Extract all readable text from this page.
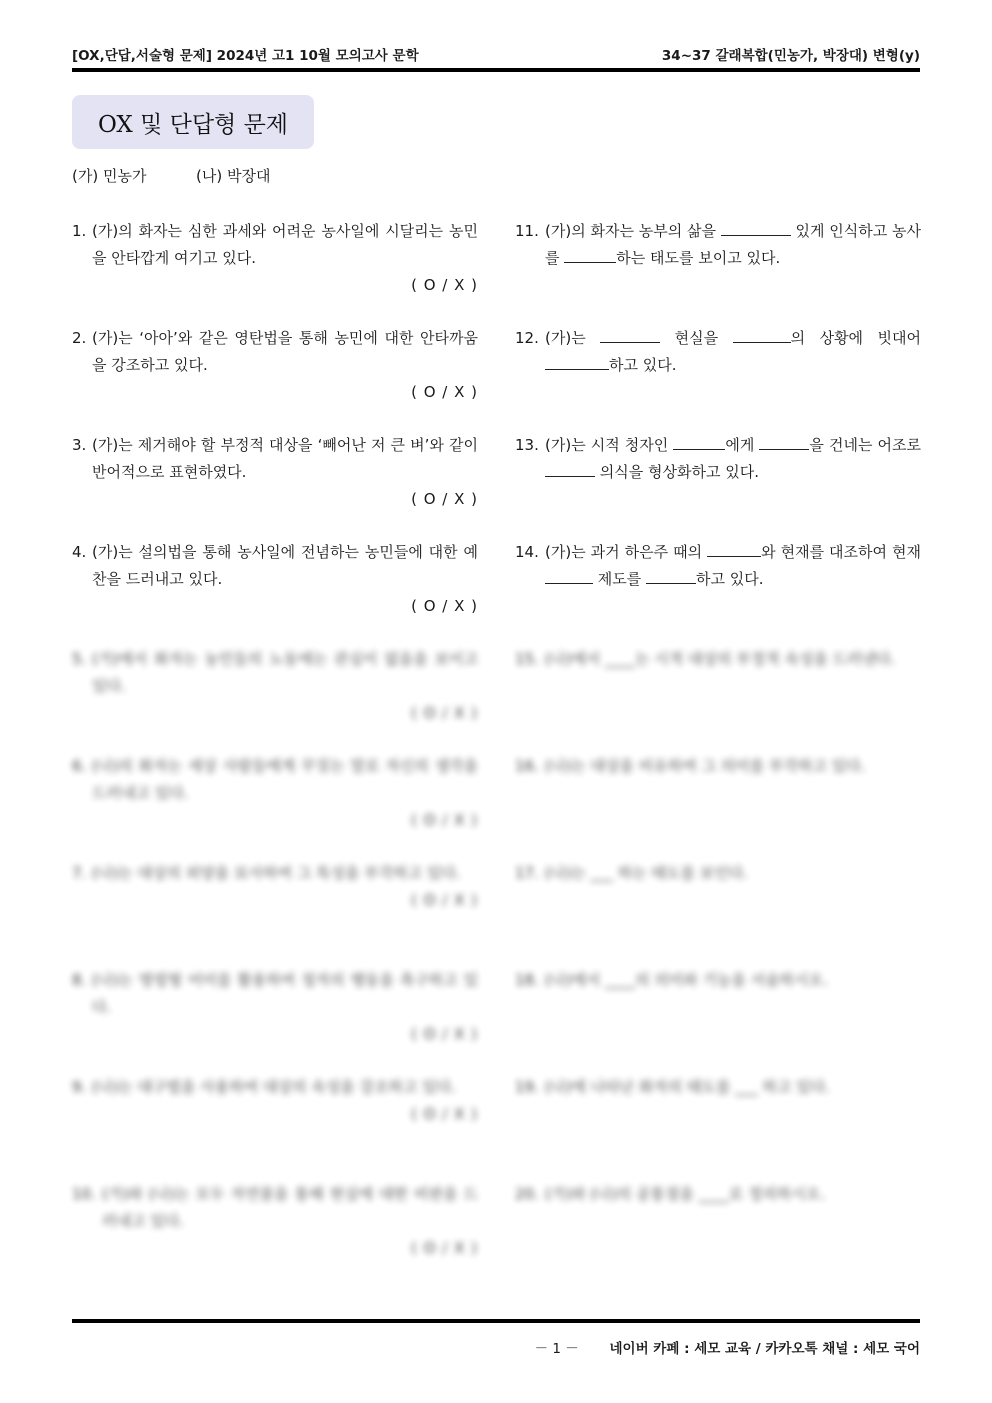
[OX,단답,서술형 문제] 2024년 고1 10월 모의고사 문학	34~37 갈래복합(민농가, 박장대) 변형(y)
OX 및 단답형 문제
(가) 민농가	(나) 박장대
1. (가)의 화자는 심한 과세와 어려운 농사일에 시달리는 농민을 안타깝게 여기고 있다.
( O / X )
2. (가)는 ‘아아’와 같은 영탄법을 통해 농민에 대한 안타까움을 강조하고 있다.
( O / X )
3. (가)는 제거해야 할 부정적 대상을 ‘빼어난 저 큰 벼’와 같이 반어적으로 표현하였다.
( O / X )
4. (가)는 설의법을 통해 농사일에 전념하는 농민들에 대한 예찬을 드러내고 있다.
( O / X )
5. (가)에서 화자는 농민들의 노동에는 관심이 없음을 보이고 있다.
( O / X )
6. (나)의 화자는 세상 사람들에게 꾸짖는 말로 자신의 생각을 드러내고 있다.
( O / X )
7. (나)는 대상의 외양을 묘사하여 그 특성을 부각하고 있다.
( O / X )
8. (나)는 명령형 어미를 활용하여 청자의 행동을 촉구하고 있다.
( O / X )
9. (나)는 대구법을 사용하여 대상의 속성을 강조하고 있다.
( O / X )
10. (가)와 (나)는 모두 자연물을 통해 현실에 대한 비판을 드러내고 있다.
( O / X )
11. (가)의 화자는 농부의 삶을	있게 인식하고 농사를	하는 태도를 보이고 있다.
12. (가)는	현실을	의 상황에 빗대어 하고 있다.
13. (가)는 시적 청자인	에게	을 건네는 어조로  의식을 형상화하고 있다.
14. (가)는 과거 하은주 때의	와 현재를 대조하여 현재  제도를	하고 있다.
15. (나)에서 ____는 시적 대상의 부정적 속성을 드러낸다.
16. (나)는 대상을 비유하여 그 의미를 부각하고 있다.
17. (나)는 ___ 하는 태도를 보인다.
18. (나)에서 ____의 의미와 기능을 서술하시오.
19. (나)에 나타난 화자의 태도를 ___ 하고 있다.
20. (가)와 (나)의 공통점을 ____로 정리하시오.
－ 1 － 네이버 카페 : 세모 교육 / 카카오톡 채널 : 세모 국어
